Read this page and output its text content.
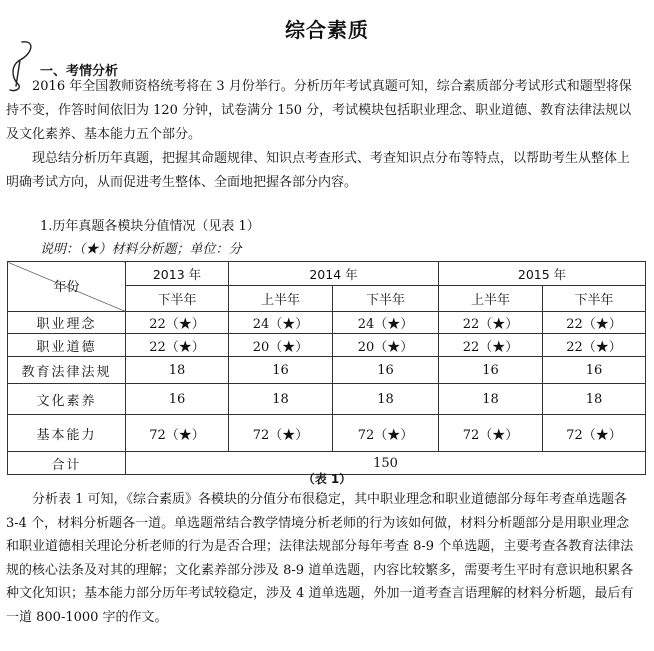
综合素质
一、考情分析

2016 年全国教师资格统考将在 3 月份举行。分析历年考试真题可知，综合素质部分考试形式和题型将保持不变，作答时间依旧为 120 分钟，试卷满分 150 分，考试模块包括职业理念、职业道德、教育法律法规以及文化素养、基本能力五个部分。

现总结分析历年真题，把握其命题规律、知识点考查形式、考查知识点分布等特点，以帮助考生从整体上明确考试方向，从而促进考生整体、全面地把握各部分内容。

1.历年真题各模块分值情况（见表 1）
说明：（★）材料分析题；单位：分
年份	2013 年	2014 年		2015 年	
	下半年	上半年	下半年	上半年	下半年
职业理念	22（★）	24（★）	24（★）	22（★）	22（★）
职业道德	22（★）	20（★）	20（★）	22（★）	22（★）
教育法律法规	18	16	16	16	16
文化素养	16	18	18	18	18
基本能力	72（★）	72（★）	72（★）	72（★）	72（★）
合计	150				
（表 1）

分析表 1 可知，《综合素质》各模块的分值分布很稳定，其中职业理念和职业道德部分每年考查单选题各 3-4 个，材料分析题各一道。单选题常结合教学情境分析老师的行为该如何做，材料分析题部分是用职业理念和职业道德相关理论分析老师的行为是否合理；法律法规部分每年考查 8-9 个单选题，主要考查各教育法律法规的核心法条及对其的理解；文化素养部分涉及 8-9 道单选题，内容比较繁多，需要考生平时有意识地积累各种文化知识；基本能力部分历年考试较稳定，涉及 4 道单选题，外加一道考查言语理解的材料分析题，最后有一道 800-1000 字的作文。
